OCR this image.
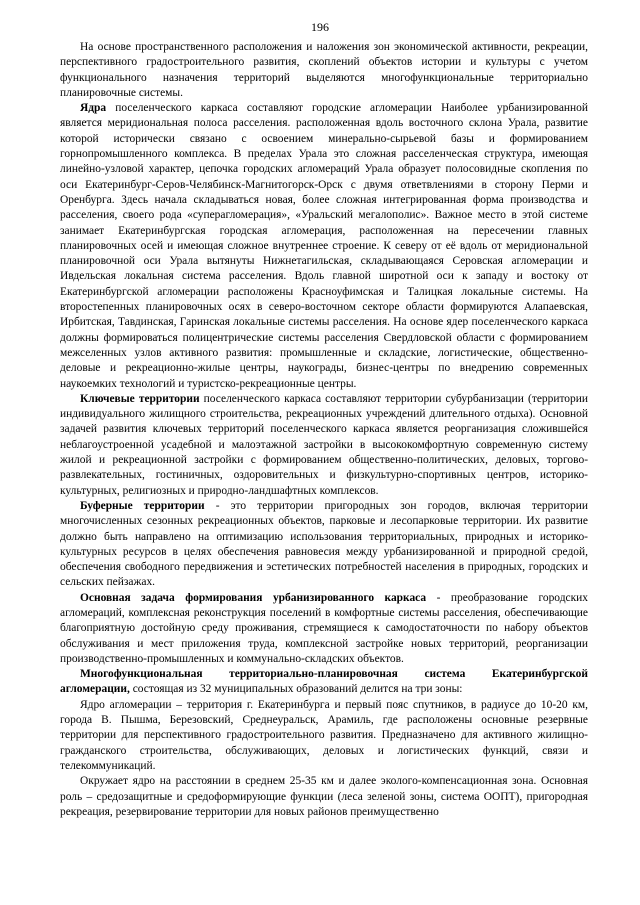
196

На основе пространственного расположения и наложения зон экономической активности, рекреации, перспективного градостроительного развития, скоплений объектов истории и культуры с учетом функционального назначения территорий выделяются многофункциональные территориально планировочные системы.

Ядра поселенческого каркаса составляют городские агломерации Наиболее урбанизированной является меридиональная полоса расселения. расположенная вдоль восточного склона Урала, развитие которой исторически связано с освоением минерально-сырьевой базы и формированием горнопромышленного комплекса. В пределах Урала это сложная расселенческая структура, имеющая линейно-узловой характер, цепочка городских агломераций Урала образует полосовидные скопления по оси Екатеринбург-Серов-Челябинск-Магнитогорск-Орск с двумя ответвлениями в сторону Перми и Оренбурга. Здесь начала складываться новая, более сложная интегрированная форма производства и расселения, своего рода «суперагломерация», «Уральский мегалополис». Важное место в этой системе занимает Екатеринбургская городская агломерация, расположенная на пересечении главных планировочных осей и имеющая сложное внутреннее строение. К северу от её вдоль от меридиональной планировочной оси Урала вытянуты Нижнетагильская, складывающаяся Серовская агломерации и Ивдельская локальная система расселения. Вдоль главной широтной оси к западу и востоку от Екатеринбургской агломерации расположены Красноуфимская и Талицкая локальные системы. На второстепенных планировочных осях в северо-восточном секторе области формируются Алапаевская, Ирбитская, Тавдинская, Гаринская локальные системы расселения. На основе ядер поселенческого каркаса должны формироваться полицентрические системы расселения Свердловской области с формированием межселенных узлов активного развития: промышленные и складские, логистические, общественно-деловые и рекреационно-жилые центры, наукограды, бизнес-центры по внедрению современных наукоемких технологий и туристско-рекреационные центры.

Ключевые территории поселенческого каркаса составляют территории субурбанизации (территории индивидуального жилищного строительства, рекреационных учреждений длительного отдыха). Основной задачей развития ключевых территорий поселенческого каркаса является реорганизация сложившейся неблагоустроенной усадебной и малоэтажной застройки в высококомфортную современную систему жилой и рекреационной застройки с формированием общественно-политических, деловых, торгово-развлекательных, гостиничных, оздоровительных и физкультурно-спортивных центров, историко-культурных, религиозных и природно-ландшафтных комплексов.

Буферные территории - это территории пригородных зон городов, включая территории многочисленных сезонных рекреационных объектов, парковые и лесопарковые территории. Их развитие должно быть направлено на оптимизацию использования территориальных, природных и историко-культурных ресурсов в целях обеспечения равновесия между урбанизированной и природной средой, обеспечения свободного передвижения и эстетических потребностей населения в природных, городских и сельских пейзажах.

Основная задача формирования урбанизированного каркаса - преобразование городских агломераций, комплексная реконструкция поселений в комфортные системы расселения, обеспечивающие благоприятную достойную среду проживания, стремящиеся к самодостаточности по набору объектов обслуживания и мест приложения труда, комплексной застройке новых территорий, реорганизации производственно-промышленных и коммунально-складских объектов.

Многофункциональная территориально-планировочная система Екатеринбургской агломерации, состоящая из 32 муниципальных образований делится на три зоны:

Ядро агломерации – территория г. Екатеринбурга и первый пояс спутников, в радиусе до 10-20 км, города В. Пышма, Березовский, Среднеуральск, Арамиль, где расположены основные резервные территории для перспективного градостроительного развития. Предназначено для активного жилищно-гражданского строительства, обслуживающих, деловых и логистических функций, связи и телекоммуникаций.

Окружает ядро на расстоянии в среднем 25-35 км и далее эколого-компенсационная зона. Основная роль – средозащитные и средоформирующие функции (леса зеленой зоны, система ООПТ), пригородная рекреация, резервирование территории для новых районов преимущественно
